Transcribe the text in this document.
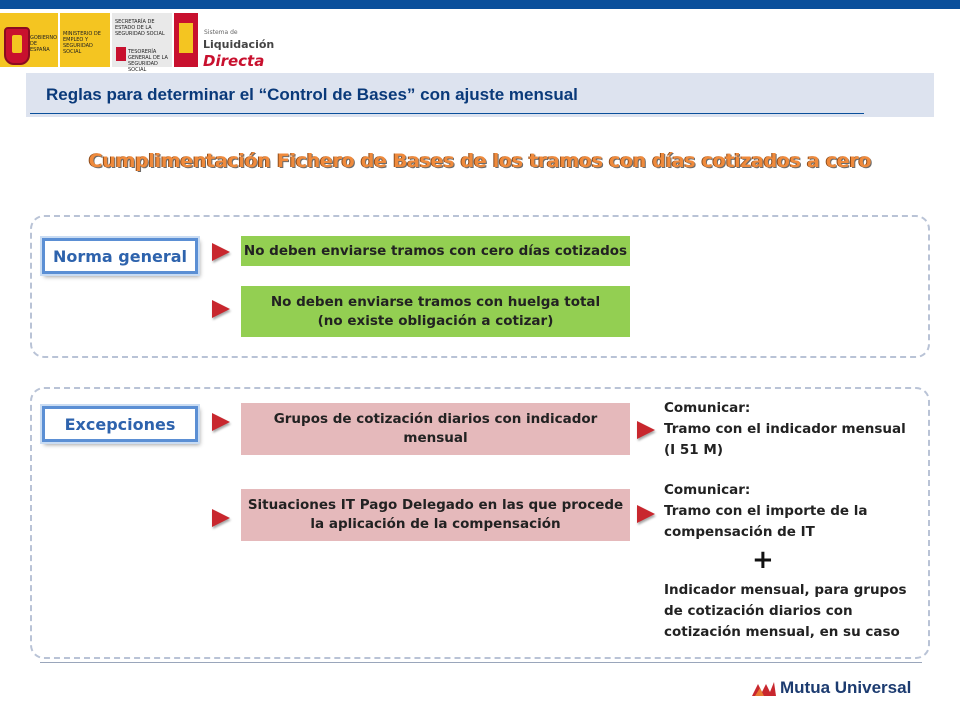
GOBIERNO DE ESPAÑA
MINISTERIO DE EMPLEO Y SEGURIDAD SOCIAL
SECRETARÍA DE ESTADO DE LA SEGURIDAD SOCIAL
TESORERÍA GENERAL DE LA SEGURIDAD SOCIAL
Sistema de
Liquidación
Directa
Reglas para determinar el “Control de Bases” con ajuste mensual
Cumplimentación Fichero de Bases de los tramos con días cotizados a cero
Norma general	No deben enviarse tramos con cero días cotizados
No deben enviarse tramos con huelga total
(no existe obligación a cotizar)
Excepciones	Grupos de cotización diarios con indicador
mensual
Comunicar:
Tramo con el indicador mensual
(I 51 M)
Situaciones IT Pago Delegado en las que procede
la aplicación de la compensación
Comunicar:
Tramo con el importe de la
compensación de IT
+
Indicador mensual, para grupos
de cotización diarios con
cotización mensual, en su caso
Mutua Universal
